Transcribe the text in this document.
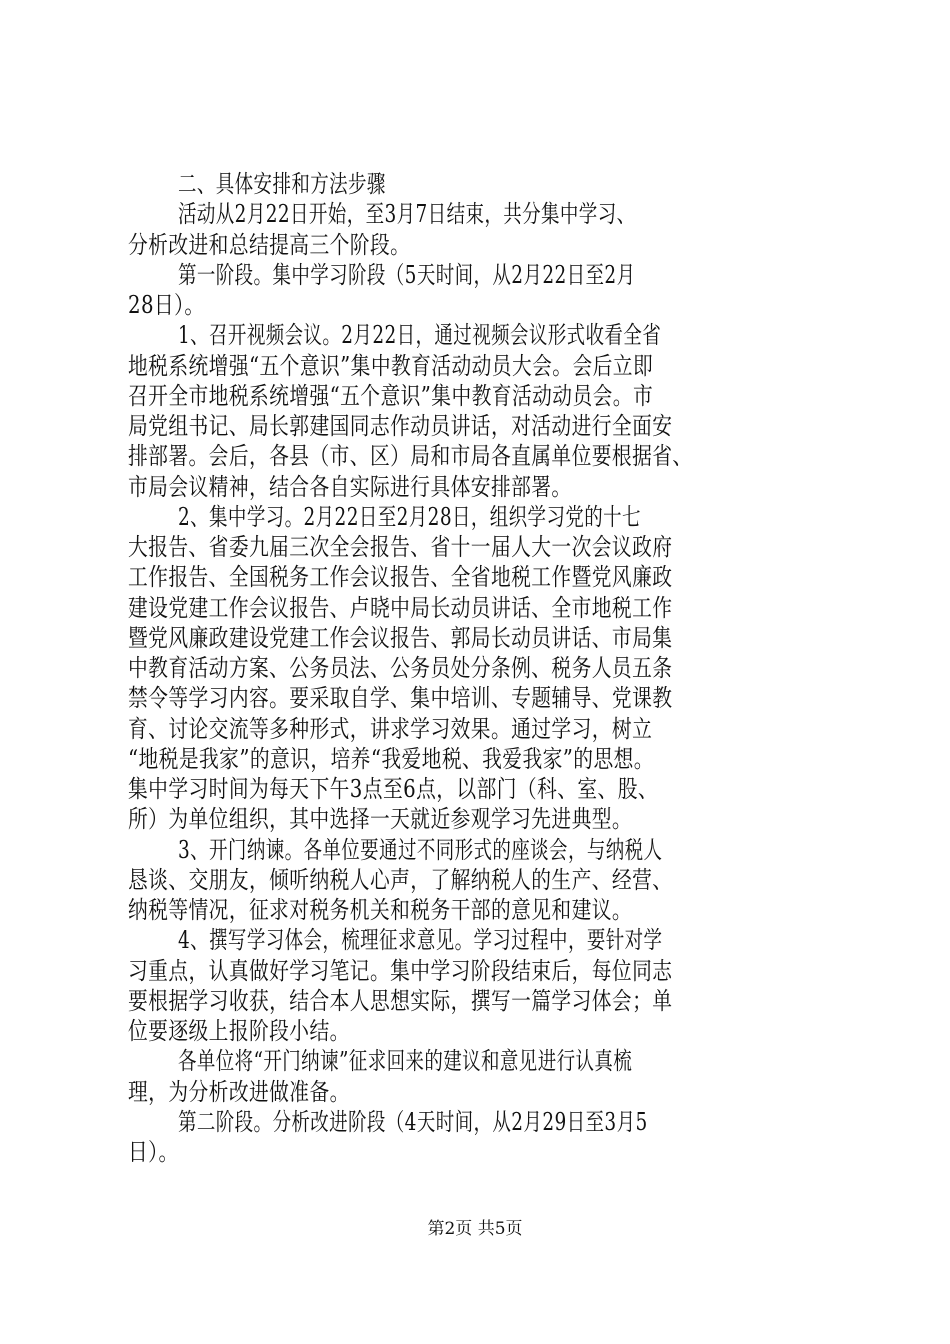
二、具体安排和方法步骤
活动从2月22日开始，至3月7日结束，共分集中学习、
分析改进和总结提高三个阶段。
第一阶段。集中学习阶段（5天时间，从2月22日至2月
28日）。
1、召开视频会议。2月22日，通过视频会议形式收看全省
地税系统增强“五个意识”集中教育活动动员大会。会后立即
召开全市地税系统增强“五个意识”集中教育活动动员会。市
局党组书记、局长郭建国同志作动员讲话，对活动进行全面安
排部署。会后，各县（市、区）局和市局各直属单位要根据省、
市局会议精神，结合各自实际进行具体安排部署。
2、集中学习。2月22日至2月28日，组织学习党的十七
大报告、省委九届三次全会报告、省十一届人大一次会议政府
工作报告、全国税务工作会议报告、全省地税工作暨党风廉政
建设党建工作会议报告、卢晓中局长动员讲话、全市地税工作
暨党风廉政建设党建工作会议报告、郭局长动员讲话、市局集
中教育活动方案、公务员法、公务员处分条例、税务人员五条
禁令等学习内容。要采取自学、集中培训、专题辅导、党课教
育、讨论交流等多种形式，讲求学习效果。通过学习，树立
“地税是我家”的意识，培养“我爱地税、我爱我家”的思想。
集中学习时间为每天下午3点至6点，以部门（科、室、股、
所）为单位组织，其中选择一天就近参观学习先进典型。
3、开门纳谏。各单位要通过不同形式的座谈会，与纳税人
恳谈、交朋友，倾听纳税人心声，了解纳税人的生产、经营、
纳税等情况，征求对税务机关和税务干部的意见和建议。
4、撰写学习体会，梳理征求意见。学习过程中，要针对学
习重点，认真做好学习笔记。集中学习阶段结束后，每位同志
要根据学习收获，结合本人思想实际，撰写一篇学习体会；单
位要逐级上报阶段小结。
各单位将“开门纳谏”征求回来的建议和意见进行认真梳
理，为分析改进做准备。
第二阶段。分析改进阶段（4天时间，从2月29日至3月5
日）。
第2页 共5页
